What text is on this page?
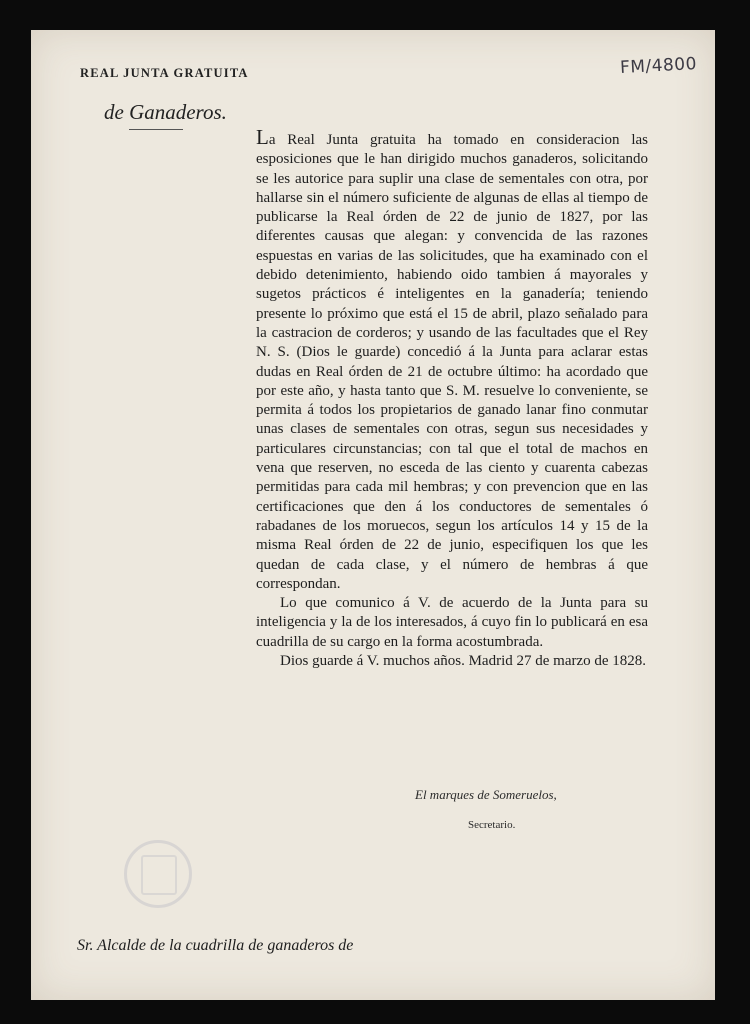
FM/4800
REAL JUNTA GRATUITA
de Ganaderos.

La Real Junta gratuita ha tomado en consideracion las esposiciones que le han dirigido muchos ganaderos, solicitando se les autorice para suplir una clase de sementales con otra, por hallarse sin el número suficiente de algunas de ellas al tiempo de publicarse la Real órden de 22 de junio de 1827, por las diferentes causas que alegan: y convencida de las razones espuestas en varias de las solicitudes, que ha examinado con el debido detenimiento, habiendo oido tambien á mayorales y sugetos prácticos é inteligentes en la ganadería; teniendo presente lo próximo que está el 15 de abril, plazo señalado para la castracion de corderos; y usando de las facultades que el Rey N. S. (Dios le guarde) concedió á la Junta para aclarar estas dudas en Real órden de 21 de octubre último: ha acordado que por este año, y hasta tanto que S. M. resuelve lo conveniente, se permita á todos los propietarios de ganado lanar fino conmutar unas clases de sementales con otras, segun sus necesidades y particulares circunstancias; con tal que el total de machos en vena que reserven, no esceda de las ciento y cuarenta cabezas permitidas para cada mil hembras; y con prevencion que en las certificaciones que den á los conductores de sementales ó rabadanes de los moruecos, segun los artículos 14 y 15 de la misma Real órden de 22 de junio, especifiquen los que les quedan de cada clase, y el número de hembras á que correspondan.

Lo que comunico á V. de acuerdo de la Junta para su inteligencia y la de los interesados, á cuyo fin lo publicará en esa cuadrilla de su cargo en la forma acostumbrada.

Dios guarde á V. muchos años. Madrid 27 de marzo de 1828.

El marques de Someruelos,
Secretario.
Sr. Alcalde de la cuadrilla de ganaderos de
